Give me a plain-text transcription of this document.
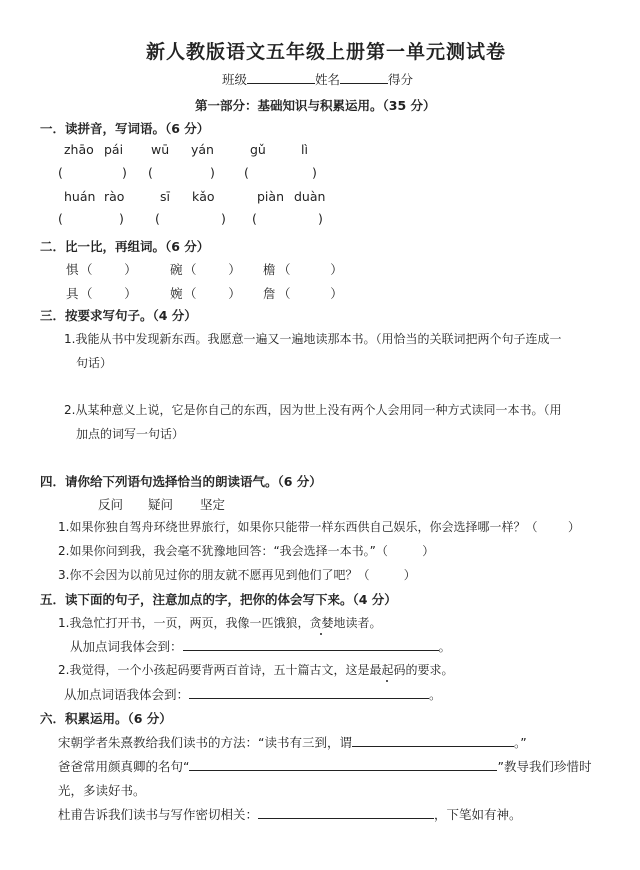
新人教版语文五年级上册第一单元测试卷
班级	姓名	得分
第一部分：基础知识与积累运用。（35 分）
一．读拼音，写词语。（6 分）
zhāo pái wū yán	gǔ	lì
(	) (	) (	)
huán rào	sī kǎo	piàn duàn
(	) (	) (	)
二．比一比，再组词。（6 分）
惧 （        ）	碗 （        ） 檐 （          ）
具 （        ）	婉 （        ） 詹 （          ）
三．按要求写句子。（4 分）
1.我能从书中发现新东西。我愿意一遍又一遍地读那本书。（用恰当的关联词把两个句子连成一
句话）
2.从某种意义上说，它是你自己的东西，因为世上没有两个人会用同一种方式读同一本书。（用
加点的词写一句话）
四．请你给下列语句选择恰当的朗读语气。（6 分）
反问 疑问 坚定
1.如果你独自驾舟环绕世界旅行，如果你只能带一样东西供自己娱乐，你会选择哪一样？（        ）
2.如果你问到我，我会毫不犹豫地回答：“我会选择一本书。”（         ）
3.你不会因为以前见过你的朋友就不愿再见到他们了吧？（         ）
五．读下面的句子，注意加点的字，把你的体会写下来。（4 分）
1.我急忙打开书，一页，两页，我像一匹饿狼，贪婪地读者。
从加点词我体会到：	。
2.我觉得，一个小孩起码要背两百首诗，五十篇古文，这是最起码的要求。
从加点词语我体会到：	。
六．积累运用。（6 分）
宋朝学者朱熹教给我们读书的方法：“读书有三到，谓	。”
爸爸常用颜真卿的名句“	”教导我们珍惜时
光，多读好书。
杜甫告诉我们读书与写作密切相关：	，下笔如有神。
